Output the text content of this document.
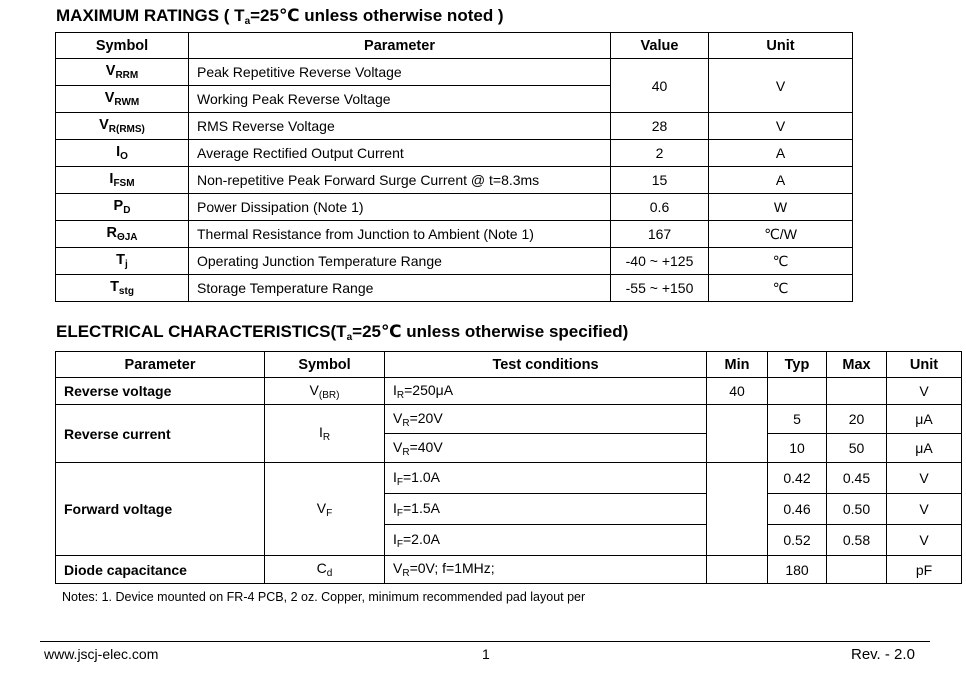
MAXIMUM RATINGS ( $T_a=25℃$ unless otherwise noted )
Symbol	Parameter	Value	Unit
$V_{RRM}$	Peak Repetitive Reverse Voltage	40	V
$V_{RWM}$	Working Peak Reverse Voltage		
$V_{R(RMS)}$	RMS Reverse Voltage	28	V
$I_O$	Average Rectified Output Current	2	A
$I_{FSM}$	Non-repetitive Peak Forward Surge Current @ t=8.3ms	15	A
$P_D$	Power Dissipation (Note 1)	0.6	W
$R_{\Theta JA}$	Thermal Resistance from Junction to Ambient (Note 1)	167	℃/W
$T_j$	Operating Junction Temperature Range	-40 ~ +125	℃
$T_{stg}$	Storage Temperature Range	-55 ~ +150	℃
ELECTRICAL $CHARACTERISTICS(T_a=25℃$ unless otherwise specified)
Parameter	Symbol	Test conditions	Min	Typ	Max	Unit
Reverse voltage	$V_{(BR)}$	$I_R=250\mu A$	40			V
Reverse current	$I_R$	$V_R=20V$		5	20	μA
		$V_R=40V$		10	50	μA
Forward voltage	$V_F$	$I_F=1.0A$		0.42	0.45	V
		$I_F=1.5A$		0.46	0.50	V
		$I_F=2.0A$		0.52	0.58	V
Diode capacitance	$C_d$	$V_R=0V$; f=1MHz;		180		pF
Notes: 1. Device mounted on FR-4 PCB, 2 oz. Copper, minimum recommended pad layout per
www.jscj-elec.com	1	Rev. - 2.0
